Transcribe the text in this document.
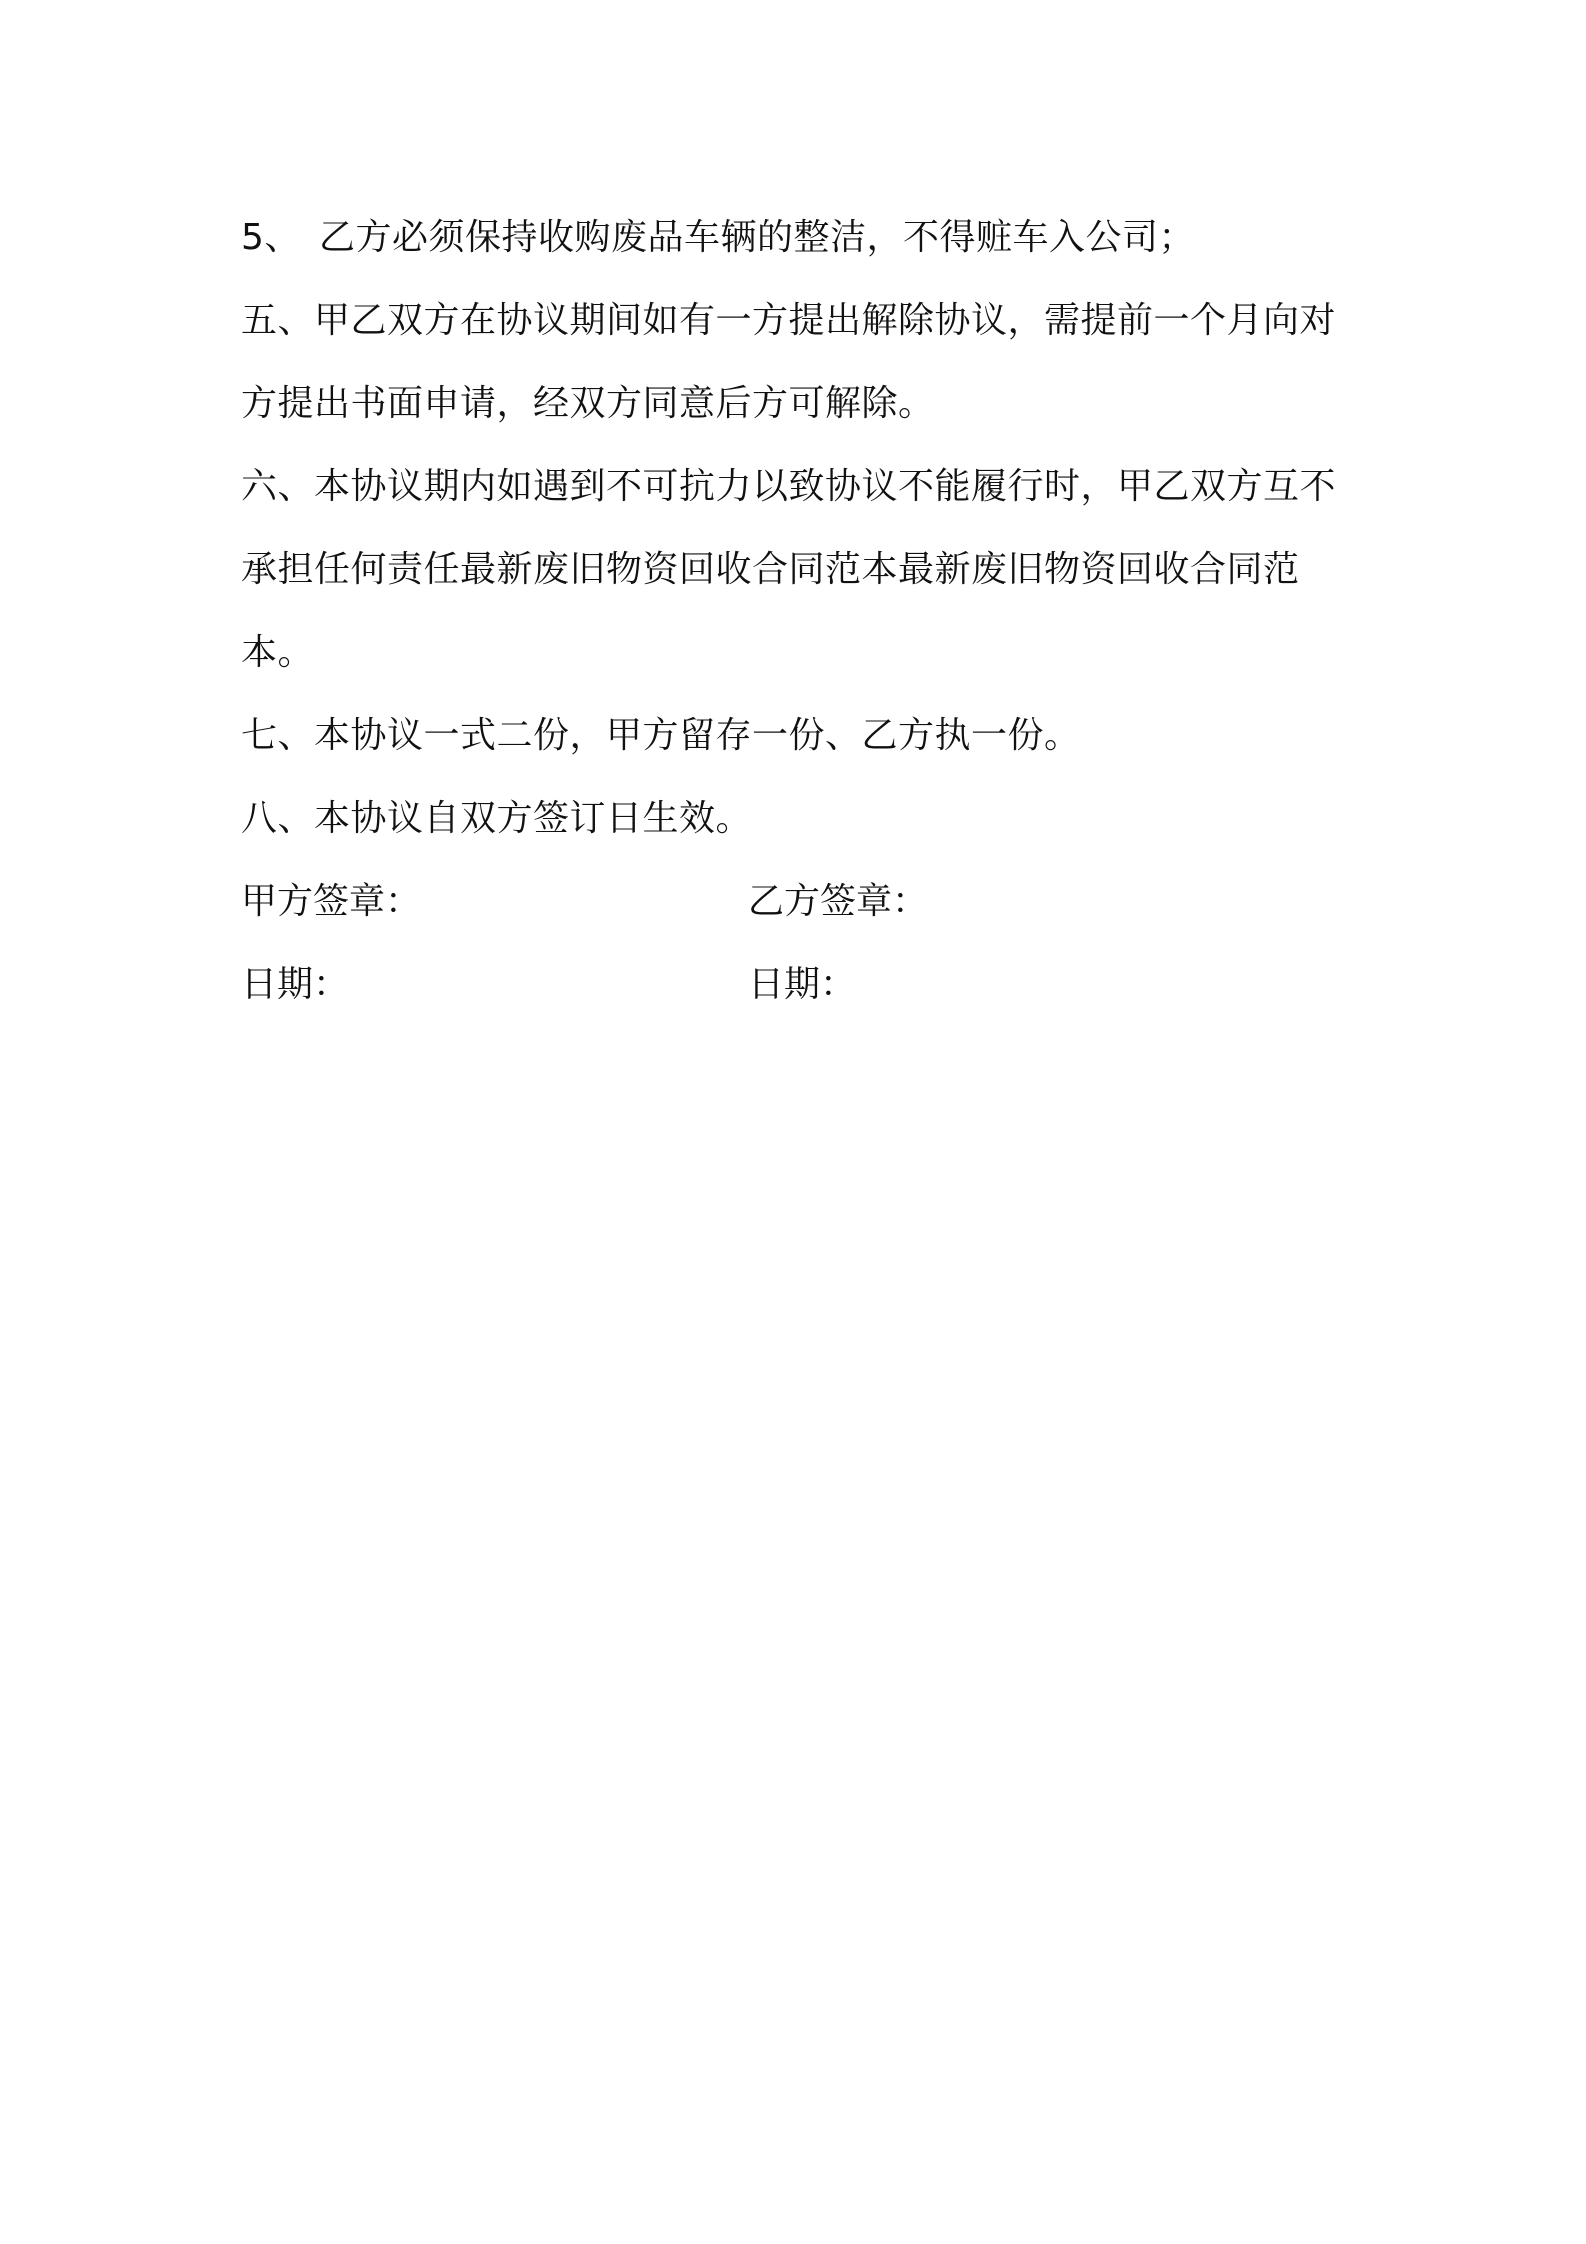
5、 乙方必须保持收购废品车辆的整洁，不得赃车入公司；
五、甲乙双方在协议期间如有一方提出解除协议，需提前一个月向对
方提出书面申请，经双方同意后方可解除。
六、本协议期内如遇到不可抗力以致协议不能履行时，甲乙双方互不
承担任何责任最新废旧物资回收合同范本最新废旧物资回收合同范
本。
七、本协议一式二份，甲方留存一份、乙方执一份。
八、本协议自双方签订日生效。
甲方签章：	乙方签章：
日期：	日期：
